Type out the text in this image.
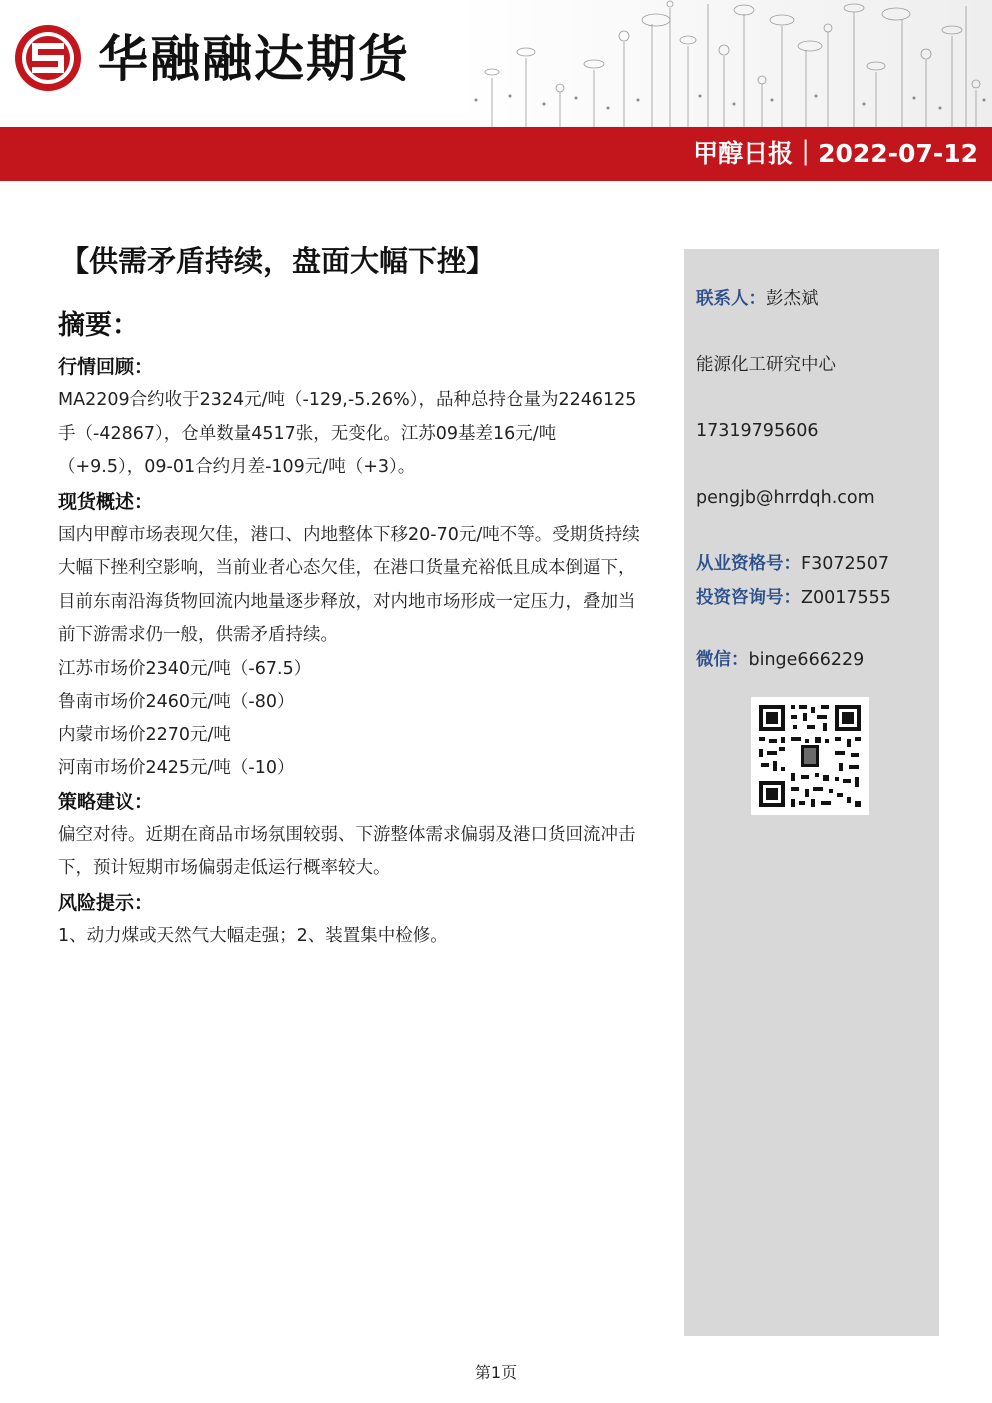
华融融达期货
甲醇日报｜2022-07-12
【供需矛盾持续，盘面大幅下挫】
摘要：

行情回顾：

MA2209合约收于2324元/吨（-129,-5.26%），品种总持仓量为2246125手（-42867），仓单数量4517张，无变化。江苏09基差16元/吨（+9.5），09-01合约月差-109元/吨（+3）。

现货概述：

国内甲醇市场表现欠佳，港口、内地整体下移20-70元/吨不等。受期货持续大幅下挫利空影响，当前业者心态欠佳，在港口货量充裕低且成本倒逼下，目前东南沿海货物回流内地量逐步释放，对内地市场形成一定压力，叠加当前下游需求仍一般，供需矛盾持续。

江苏市场价2340元/吨（-67.5）

鲁南市场价2460元/吨（-80）

内蒙市场价2270元/吨

河南市场价2425元/吨（-10）

策略建议：

偏空对待。近期在商品市场氛围较弱、下游整体需求偏弱及港口货回流冲击下，预计短期市场偏弱走低运行概率较大。

风险提示：

1、动力煤或天然气大幅走强；2、装置集中检修。

联系人：彭杰斌
能源化工研究中心
17319795606
pengjb@hrrdqh.com
从业资格号：F3072507
投资咨询号：Z0017555
微信：binge666229
第1页
